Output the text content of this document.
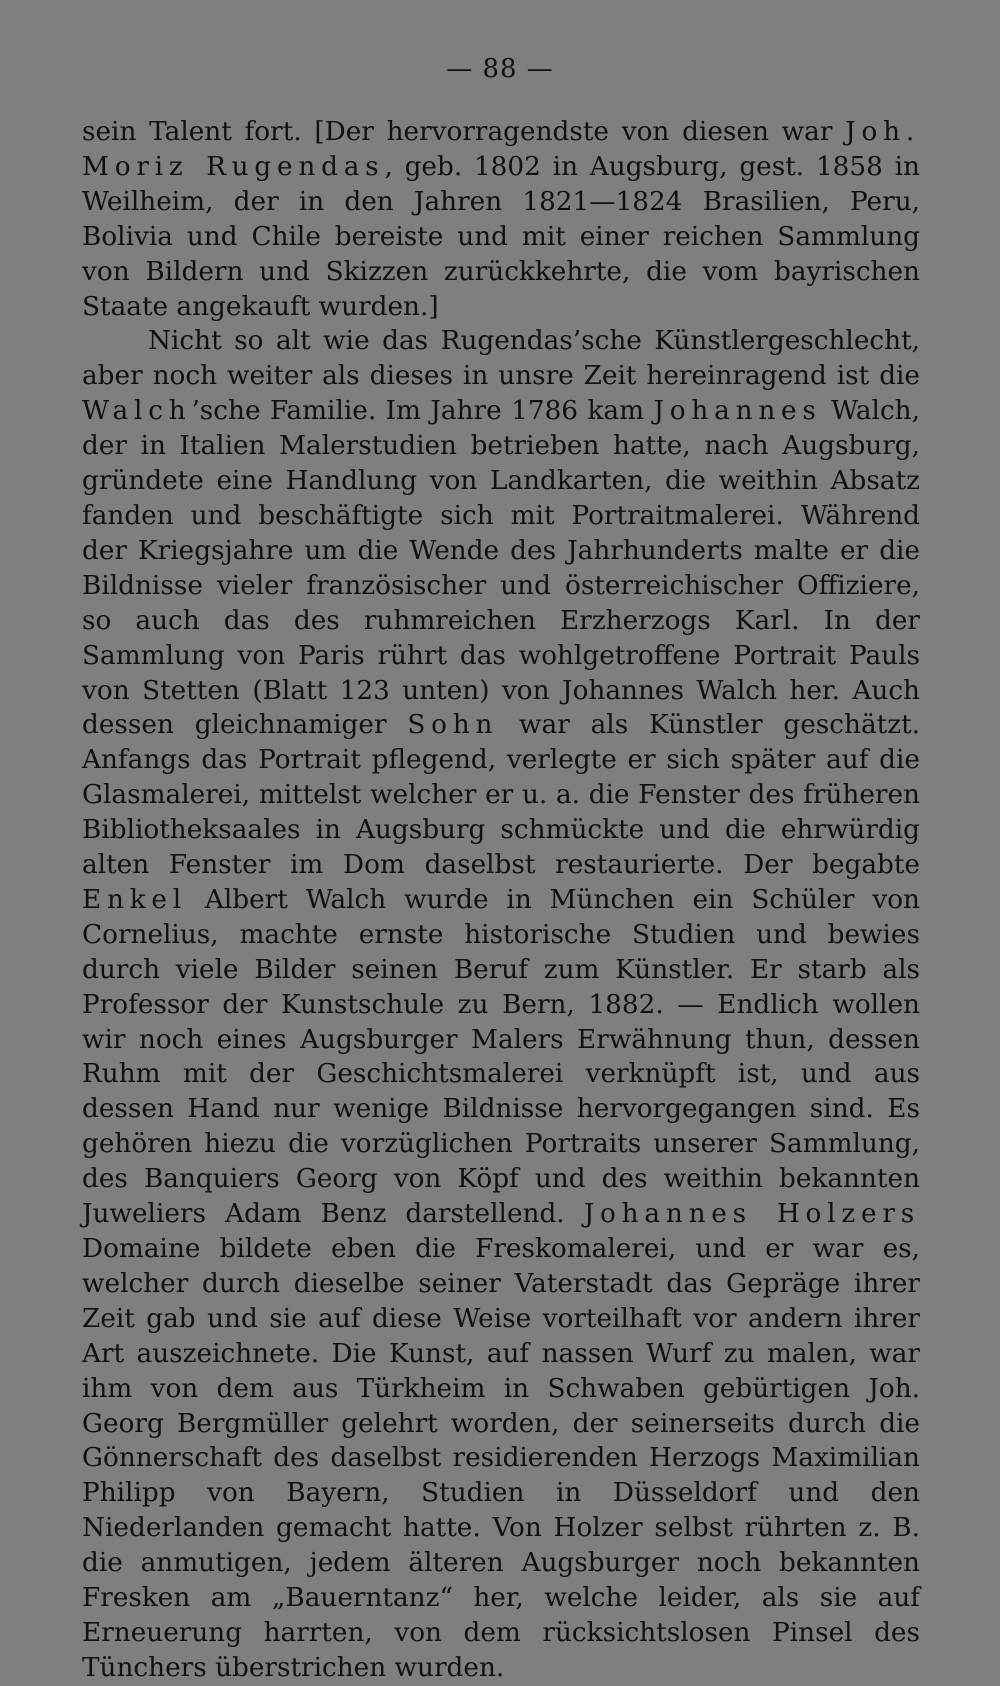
— 88 —

sein Talent fort. [Der hervorragendste von diesen war Joh. Moriz Rugendas, geb. 1802 in Augsburg, gest. 1858 in Weilheim, der in den Jahren 1821—1824 Brasilien, Peru, Bolivia und Chile bereiste und mit einer reichen Sammlung von Bildern und Skizzen zurückkehrte, die vom bayrischen Staate angekauft wurden.]

Nicht so alt wie das Rugendas’sche Künstlergeschlecht, aber noch weiter als dieses in unsre Zeit hereinragend ist die Walch’sche Familie. Im Jahre 1786 kam Johannes Walch, der in Italien Malerstudien betrieben hatte, nach Augsburg, gründete eine Handlung von Landkarten, die weithin Absatz fanden und beschäftigte sich mit Portraitmalerei. Während der Kriegsjahre um die Wende des Jahrhunderts malte er die Bildnisse vieler französischer und österreichischer Offiziere, so auch das des ruhmreichen Erzherzogs Karl. In der Sammlung von Paris rührt das wohlgetroffene Portrait Pauls von Stetten (Blatt 123 unten) von Johannes Walch her. Auch dessen gleichnamiger Sohn war als Künstler geschätzt. Anfangs das Portrait pflegend, verlegte er sich später auf die Glasmalerei, mittelst welcher er u. a. die Fenster des früheren Bibliotheksaales in Augsburg schmückte und die ehrwürdig alten Fenster im Dom daselbst restaurierte. Der begabte Enkel Albert Walch wurde in München ein Schüler von Cornelius, machte ernste historische Studien und bewies durch viele Bilder seinen Beruf zum Künstler. Er starb als Professor der Kunstschule zu Bern, 1882. — Endlich wollen wir noch eines Augsburger Malers Erwähnung thun, dessen Ruhm mit der Geschichtsmalerei verknüpft ist, und aus dessen Hand nur wenige Bildnisse hervorgegangen sind. Es gehören hiezu die vorzüglichen Portraits unserer Sammlung, des Banquiers Georg von Köpf und des weithin bekannten Juweliers Adam Benz darstellend. Johannes Holzers Domaine bildete eben die Freskomalerei, und er war es, welcher durch dieselbe seiner Vaterstadt das Gepräge ihrer Zeit gab und sie auf diese Weise vorteilhaft vor andern ihrer Art auszeichnete. Die Kunst, auf nassen Wurf zu malen, war ihm von dem aus Türkheim in Schwaben gebürtigen Joh. Georg Bergmüller gelehrt worden, der seinerseits durch die Gönnerschaft des daselbst residierenden Herzogs Maximilian Philipp von Bayern, Studien in Düsseldorf und den Niederlanden gemacht hatte. Von Holzer selbst rührten z. B. die anmutigen, jedem älteren Augsburger noch bekannten Fresken am „Bauerntanz“ her, welche leider, als sie auf Erneuerung harrten, von dem rücksichtslosen Pinsel des Tünchers überstrichen wurden.
